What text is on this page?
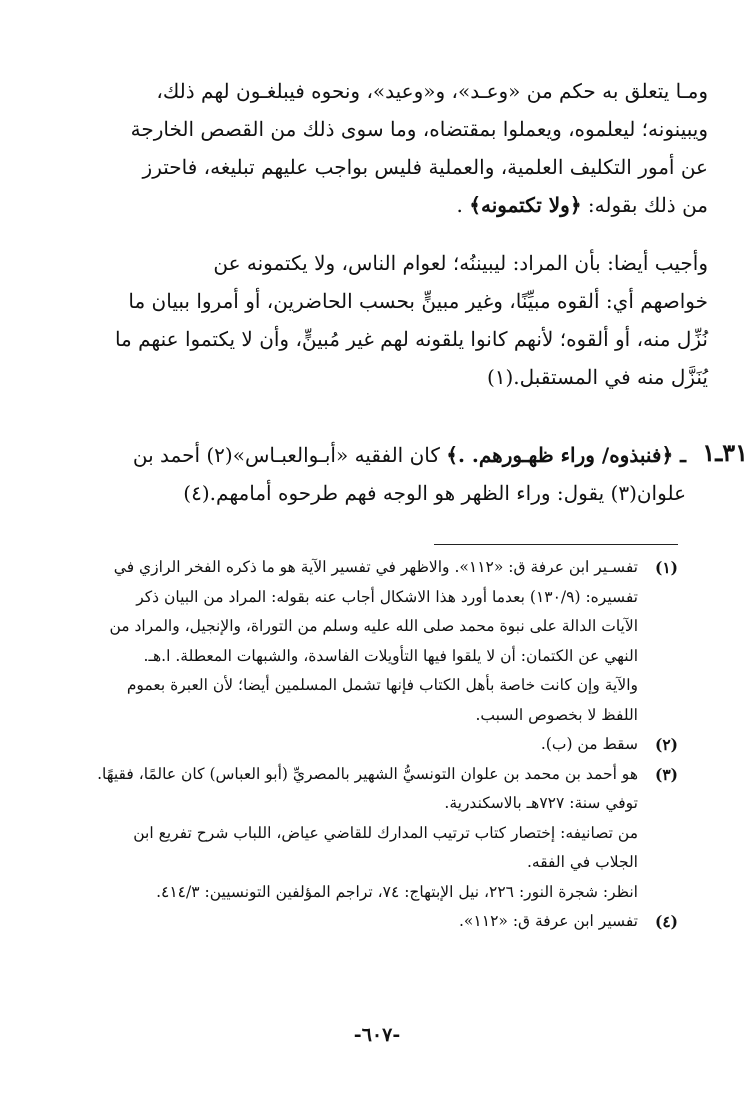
ومـا يتعلق به حكم من «وعـد»، و«وعيد»، ونحوه فيبلغـون لهم ذلك،

ويبينونه؛ ليعلموه، ويعملوا بمقتضاه، وما سوى ذلك من القصص الخارجة

عن أمور التكليف العلمية، والعملية فليس بواجب عليهم تبليغه، فاحترز

من ذلك بقوله: ﴿ولا تكتمونه﴾ .

وأجيب أيضا: بأن المراد: ليبيننُه؛ لعوام الناس، ولا يكتمونه عن

خواصهم أي: ألقوه مبيِّنًا، وغير مبينٍّ بحسب الحاضرين، أو أمروا ببيان ما

نُزِّل منه، أو ألقوه؛ لأنهم كانوا يلقونه لهم غير مُبينٍّ، وأن لا يكتموا عنهم ما

يُنَزَّل منه في المستقبل.(١)

٣١ـ١

ـ ﴿فنبذوه/ وراء ظهـورهم. .﴾ كان الفقيه «أبـوالعبـاس»(٢) أحمد بن

علوان(٣) يقول: وراء الظهر هو الوجه فهم طرحوه أمامهم.(٤)

(١)
تفسـير ابن عرفة ق: «١١٢». والاظهر في تفسير الآية هو ما ذكره الفخر الرازي في
تفسيره: (١٣٠/٩) بعدما أورد هذا الاشكال أجاب عنه بقوله: المراد من البيان ذكر
الآيات الدالة على نبوة محمد صلى الله عليه وسلم من التوراة، والإنجيل، والمراد من
النهي عن الكتمان: أن لا يلقوا فيها التأويلات الفاسدة، والشبهات المعطلة. ا.هـ.
والآية وإن كانت خاصة بأهل الكتاب فإنها تشمل المسلمين أيضا؛ لأن العبرة بعموم
اللفظ لا بخصوص السبب.
(٢)
سقط من (ب).
(٣)
هو أحمد بن محمد بن علوان التونسيُّ الشهير بالمصريِّ (أبو العباس) كان عالمًا، فقيهًا.
توفي سنة: ٧٢٧هـ بالاسكندرية.
من تصانيفه: إختصار كتاب ترتيب المدارك للقاضي عياض، اللباب شرح تفريع ابن
الجلاب في الفقه.
انظر: شجرة النور: ٢٢٦، نيل الإبتهاج: ٧٤، تراجم المؤلفين التونسيين: ٤١٤/٣.
(٤)
تفسير ابن عرفة ق: «١١٢».
-٦٠٧-
